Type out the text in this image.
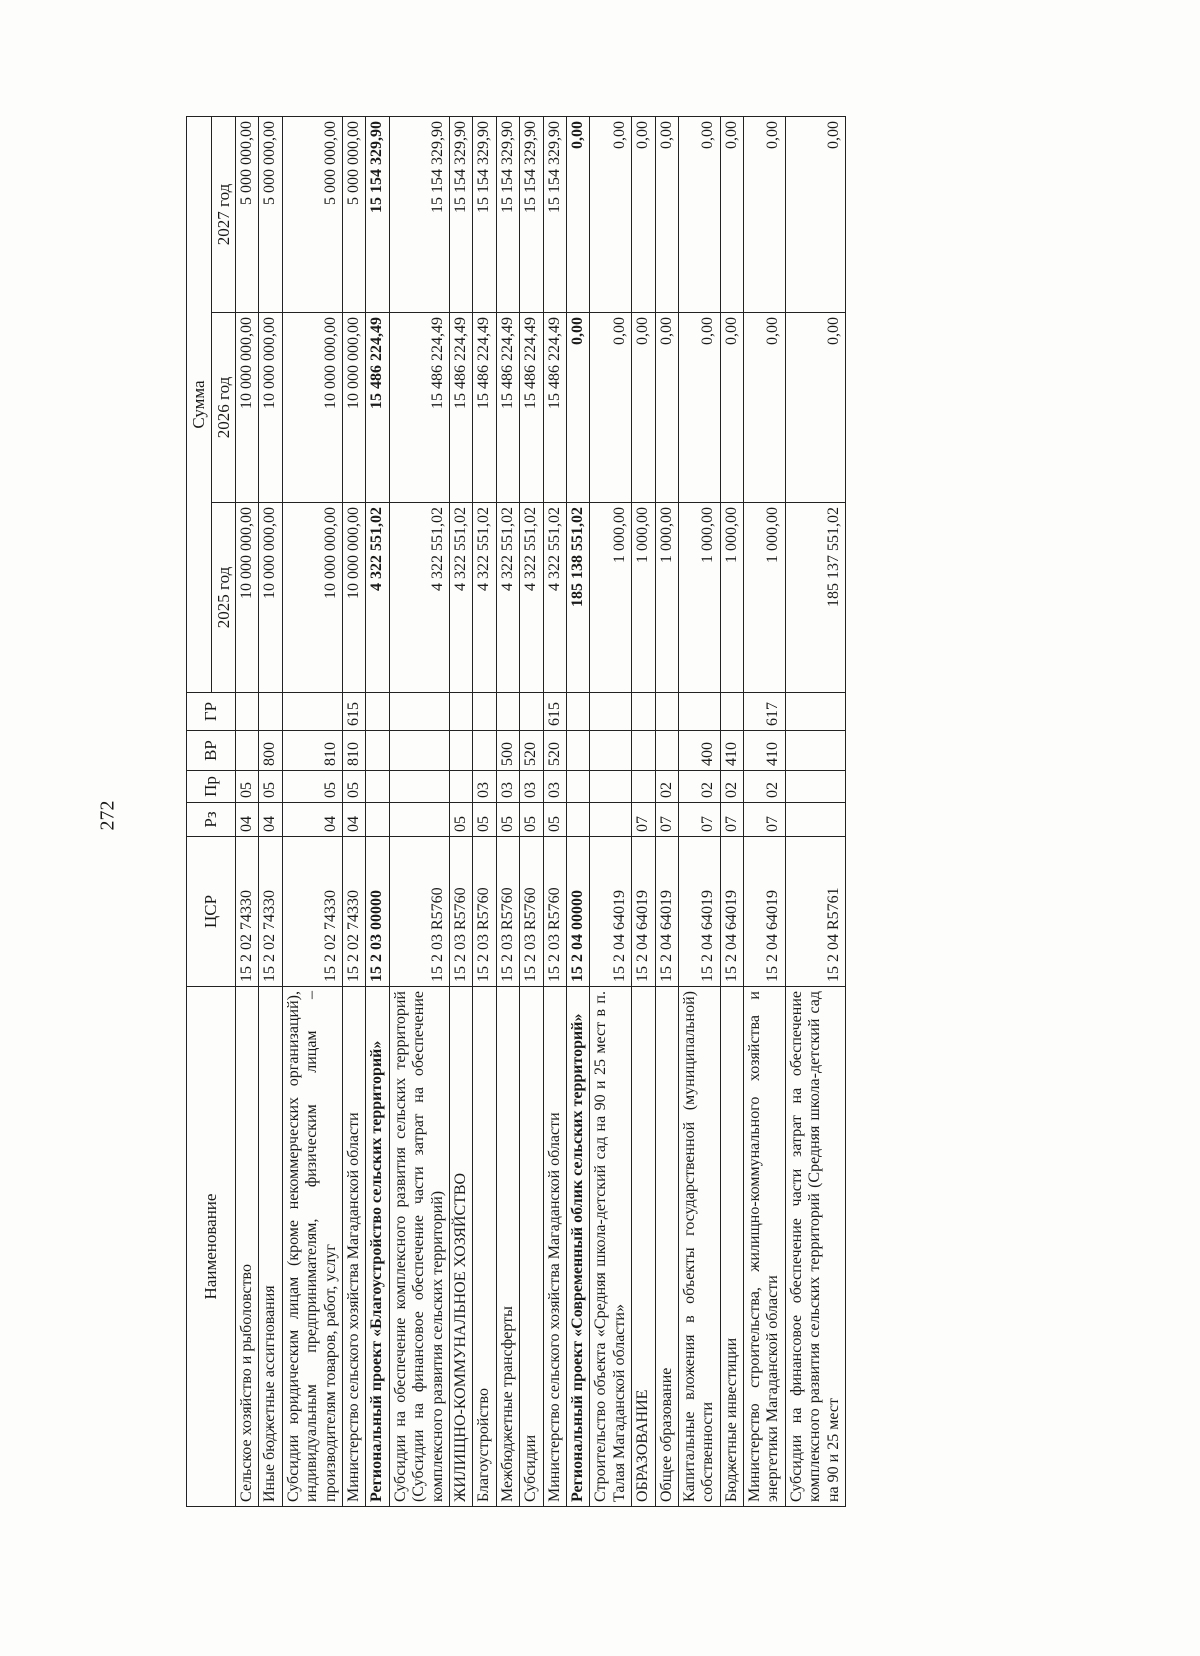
272
Наименование	ЦСР	Рз	Пр	ВР	ГР	Сумма		
						2025 год	2026 год	2027 год
Сельское хозяйство и рыболовство	15 2 02 74330	04	05			10 000 000,00	10 000 000,00	5 000 000,00
Иные бюджетные ассигнования	15 2 02 74330	04	05	800		10 000 000,00	10 000 000,00	5 000 000,00
Субсидии юридическим лицам (кроме некоммерческих организаций), индивидуальным предпринимателям, физическим лицам – производителям товаров, работ, услуг	15 2 02 74330	04	05	810		10 000 000,00	10 000 000,00	5 000 000,00
Министерство сельского хозяйства Магаданской области	15 2 02 74330	04	05	810	615	10 000 000,00	10 000 000,00	5 000 000,00
Региональный проект «Благоустройство сельских территорий»	15 2 03 00000					4 322 551,02	15 486 224,49	15 154 329,90
Субсидии на обеспечение комплексного развития сельских территорий (Субсидии на финансовое обеспечение части затрат на обеспечение комплексного развития сельских территорий)	15 2 03 R5760					4 322 551,02	15 486 224,49	15 154 329,90
ЖИЛИЩНО-КОММУНАЛЬНОЕ ХОЗЯЙСТВО	15 2 03 R5760	05				4 322 551,02	15 486 224,49	15 154 329,90
Благоустройство	15 2 03 R5760	05	03			4 322 551,02	15 486 224,49	15 154 329,90
Межбюджетные трансферты	15 2 03 R5760	05	03	500		4 322 551,02	15 486 224,49	15 154 329,90
Субсидии	15 2 03 R5760	05	03	520		4 322 551,02	15 486 224,49	15 154 329,90
Министерство сельского хозяйства Магаданской области	15 2 03 R5760	05	03	520	615	4 322 551,02	15 486 224,49	15 154 329,90
Региональный проект «Современный облик сельских территорий»	15 2 04 00000					185 138 551,02	0,00	0,00
Строительство объекта «Средняя школа-детский сад на 90 и 25 мест в п. Талая Магаданской области»	15 2 04 64019					1 000,00	0,00	0,00
ОБРАЗОВАНИЕ	15 2 04 64019	07				1 000,00	0,00	0,00
Общее образование	15 2 04 64019	07	02			1 000,00	0,00	0,00
Капитальные вложения в объекты государственной (муниципальной) собственности	15 2 04 64019	07	02	400		1 000,00	0,00	0,00
Бюджетные инвестиции	15 2 04 64019	07	02	410		1 000,00	0,00	0,00
Министерство строительства, жилищно-коммунального хозяйства и энергетики Магаданской области	15 2 04 64019	07	02	410	617	1 000,00	0,00	0,00
Субсидии на финансовое обеспечение части затрат на обеспечение комплексного развития сельских территорий (Средняя школа-детский сад на 90 и 25 мест	15 2 04 R5761					185 137 551,02	0,00	0,00
